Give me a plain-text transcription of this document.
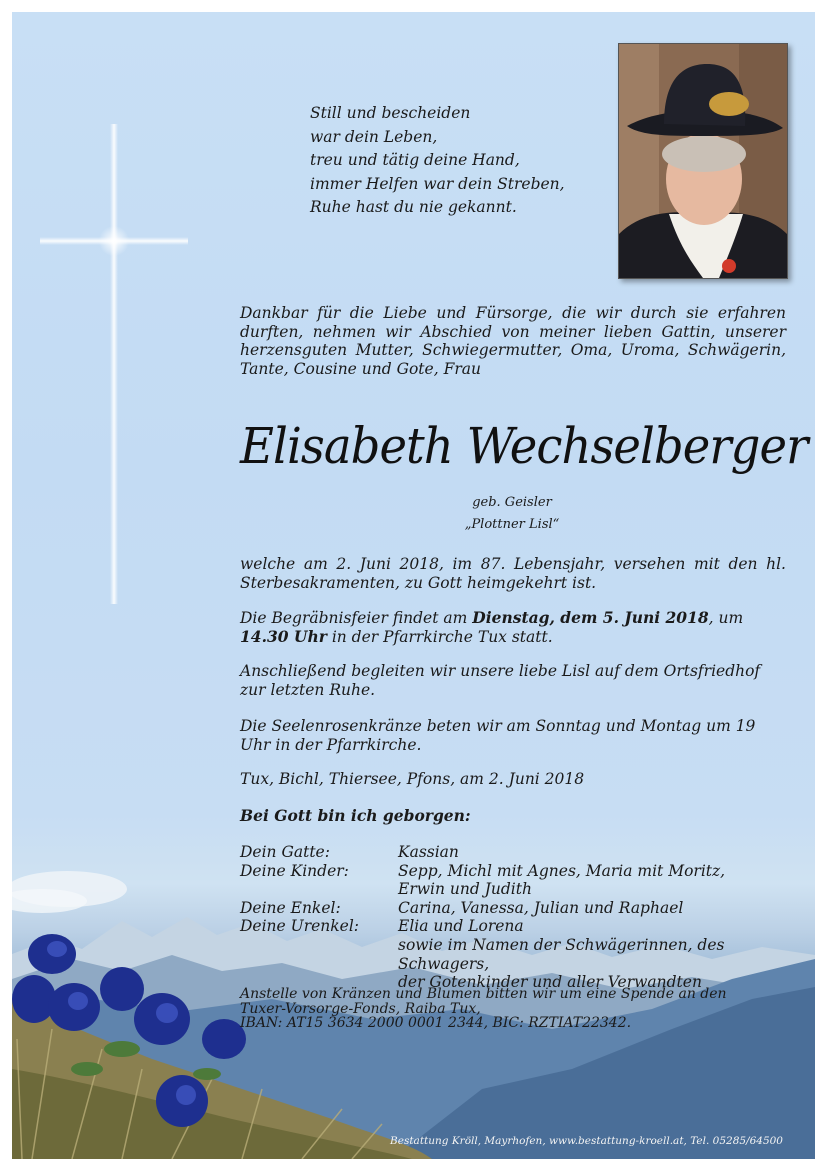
Still und bescheiden
war dein Leben,
treu und tätig deine Hand,
immer Helfen war dein Streben,
Ruhe hast du nie gekannt.
Dankbar für die Liebe und Fürsorge, die wir durch sie erfahren durften, nehmen wir Abschied von meiner lieben Gattin, unserer herzensguten Mutter, Schwiegermutter, Oma, Uroma, Schwägerin, Tante, Cousine und Gote, Frau
Elisabeth Wechselberger
geb. Geisler
„Plottner Lisl“
welche am 2. Juni 2018, im 87. Lebensjahr, versehen mit den hl. Sterbesakramenten, zu Gott heimgekehrt ist.
Die Begräbnisfeier findet am Dienstag, dem 5. Juni 2018, um 14.30 Uhr in der Pfarrkirche Tux statt.
Anschließend begleiten wir unsere liebe Lisl auf dem Ortsfriedhof zur letzten Ruhe.
Die Seelenrosenkränze beten wir am Sonntag und Montag um 19 Uhr in der Pfarrkirche.
Tux, Bichl, Thiersee, Pfons, am 2. Juni 2018
Bei Gott bin ich geborgen:
Dein Gatte:	Kassian
Deine Kinder:	Sepp, Michl mit Agnes, Maria mit Moritz,
Erwin und Judith
Deine Enkel:	Carina, Vanessa, Julian und Raphael
Deine Urenkel:	Elia und Lorena
sowie im Namen der Schwägerinnen, des Schwagers,
der Gotenkinder und aller Verwandten
Anstelle von Kränzen und Blumen bitten wir um eine Spende an den
Tuxer-Vorsorge-Fonds, Raiba Tux,
IBAN: AT15 3634 2000 0001 2344, BIC: RZTIAT22342.
Bestattung Kröll, Mayrhofen, www.bestattung-kroell.at, Tel. 05285/64500
